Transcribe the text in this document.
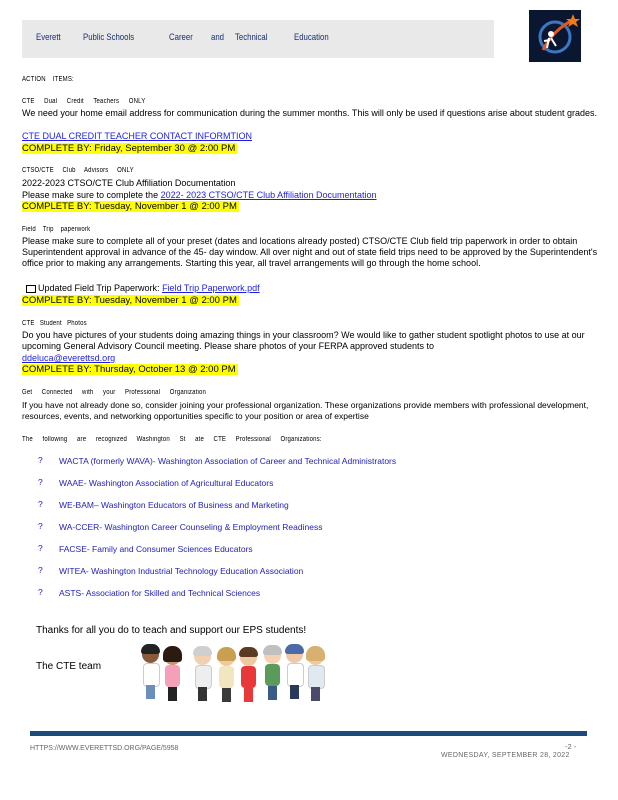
Everett Public Schools	Career and Technical	Education
ACTION ITEMS:
CTE Dual Credit Teachers ONLY
We need your home email address for communication during the summer months. This will only be used if questions arise about student grades.
CTE DUAL CREDIT TEACHER CONTACT INFORMTION
COMPLETE BY: Friday, September 30 @ 2:00 PM
CTSO/CTE Club Advisors ONLY
2022-2023 CTSO/CTE Club Affiliation Documentation
Please make sure to complete the 2022- 2023 CTSO/CTE Club Affiliation Documentation
COMPLETE BY: Tuesday, November 1 @ 2:00 PM
Field Trip paperwork
Please make sure to complete all of your preset (dates and locations already posted) CTSO/CTE Club field trip paperwork in order to obtain Superintendent approval in advance of the 45- day window. All over night and out of state field trips need to be approved by the Superintendent's office prior to making any arrangements. Starting this year, all travel arrangements will go through the home school.
Updated Field Trip Paperwork: Field Trip Paperwork.pdf
COMPLETE BY: Tuesday, November 1 @ 2:00 PM
CTE Student Photos
Do you have pictures of your students doing amazing things in your classroom? We would like to gather student spotlight photos to use at our upcoming General Advisory Council meeting. Please share photos of your FERPA approved students to
ddeluca@everettsd.org
COMPLETE BY: Thursday, October 13 @ 2:00 PM
Get Connected with your Professional Organization
If you have not already done so, consider joining your professional organization. These organizations provide members with professional development, resources, events, and networking opportunities specific to your position or area of expertise
The following are recognized Washington St ate CTE Professional Organizations:
? WACTA (formerly WAVA)- Washington Association of Career and Technical Administrators
? WAAE- Washington Association of Agricultural Educators
? WE-BAM– Washington Educators of Business and Marketing
? WA-CCER- Washington Career Counseling & Employment Readiness
? FACSE- Family and Consumer Sciences Educators
? WITEA- Washington Industrial Technology Education Association
? ASTS- Association for Skilled and Technical Sciences
Thanks for all you do to teach and support our EPS students!
The CTE team
HTTPS://WWW.EVERETTSD.ORG/PAGE/5958	-2 -
WEDNESDAY, SEPTEMBER 28, 2022
